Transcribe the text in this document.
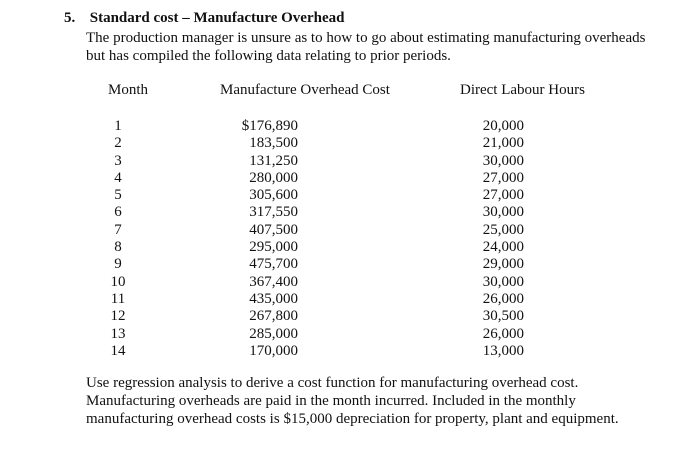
5. Standard cost – Manufacture Overhead
The production manager is unsure as to how to go about estimating manufacturing overheads
but has compiled the following data relating to prior periods.
Month	Manufacture Overhead Cost	Direct Labour Hours
1
2
3
4
5
6
7
8
9
10
11
12
13
14
$176,890
183,500
131,250
280,000
305,600
317,550
407,500
295,000
475,700
367,400
435,000
267,800
285,000
170,000
20,000
21,000
30,000
27,000
27,000
30,000
25,000
24,000
29,000
30,000
26,000
30,500
26,000
13,000
Use regression analysis to derive a cost function for manufacturing overhead cost.
Manufacturing overheads are paid in the month incurred. Included in the monthly
manufacturing overhead costs is $15,000 depreciation for property, plant and equipment.
